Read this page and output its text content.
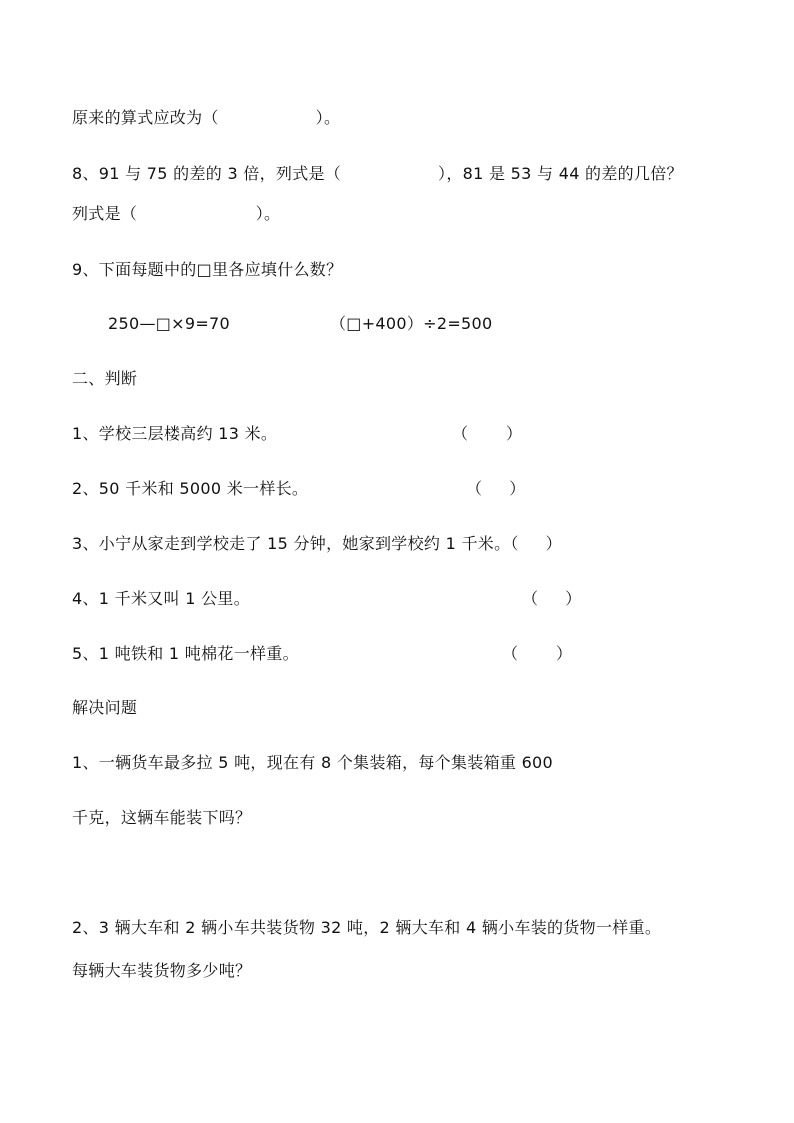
原来的算式应改为（                  ）。
8、91 与 75 的差的 3 倍，列式是（                  ），81 是 53 与 44 的差的几倍？
列式是（                      ）。
9、下面每题中的□里各应填什么数？
250—□×9=70	（□+400）÷2=500
二、判断
1、学校三层楼高约 13 米。	（       ）
2、50 千米和 5000 米一样长。	（     ）
3、小宁从家走到学校走了 15 分钟，她家到学校约 1 千米。（     ）
4、1 千米又叫 1 公里。	（     ）
5、1 吨铁和 1 吨棉花一样重。	（       ）
解决问题
1、一辆货车最多拉 5 吨，现在有 8 个集装箱，每个集装箱重 600
千克，这辆车能装下吗？
2、3 辆大车和 2 辆小车共装货物 32 吨，2 辆大车和 4 辆小车装的货物一样重。
每辆大车装货物多少吨？
